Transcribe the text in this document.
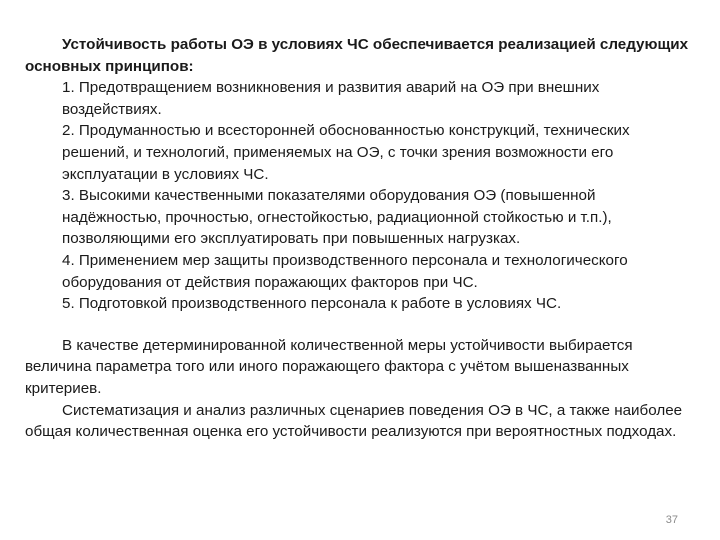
Устойчивость работы ОЭ в условиях ЧС обеспечивается реализацией следующих основных принципов:

1. Предотвращением возникновения и развития аварий на ОЭ при внешних воздействиях.
2. Продуманностью и всесторонней обоснованностью конструкций, технических решений, и технологий, применяемых на ОЭ, с точки зрения возможности его эксплуатации в условиях ЧС.
3. Высокими качественными показателями оборудования ОЭ (повышенной надёжностью, прочностью, огнестойкостью, радиационной стойкостью и т.п.), позволяющими его эксплуатировать при повышенных нагрузках.
4. Применением мер защиты производственного персонала и технологического оборудования от действия поражающих факторов при ЧС.
5. Подготовкой производственного персонала к работе в условиях ЧС.

В качестве детерминированной количественной меры устойчивости выбирается величина параметра того или иного поражающего фактора с учётом вышеназванных критериев.

Систематизация и анализ различных сценариев поведения ОЭ в ЧС, а также наиболее общая количественная оценка его устойчивости реализуются при вероятностных подходах.

37
